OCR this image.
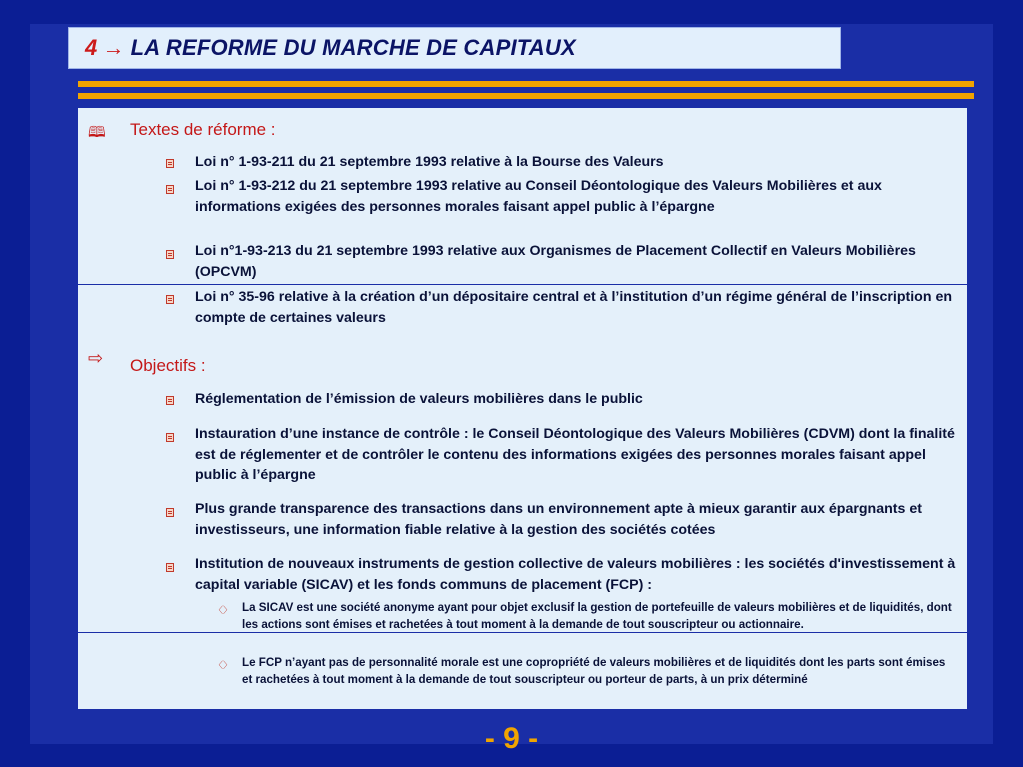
4 → LA REFORME DU MARCHE DE CAPITAUX
🕮 Textes de réforme :
Loi n° 1-93-211 du 21 septembre 1993 relative à la Bourse des Valeurs
Loi n° 1-93-212 du 21 septembre 1993 relative au Conseil Déontologique des Valeurs Mobilières et aux informations exigées des personnes morales faisant appel public à l’épargne
Loi n°1-93-213 du 21 septembre 1993 relative aux Organismes de Placement Collectif en Valeurs Mobilières (OPCVM)
Loi n° 35-96 relative à la création d’un dépositaire central et à l’institution d’un régime général de l’inscription en compte de certaines valeurs
⇨ Objectifs :
Réglementation de l’émission de valeurs mobilières dans le public
Instauration d’une instance de contrôle : le Conseil Déontologique des Valeurs Mobilières (CDVM) dont la finalité est de réglementer et de contrôler le contenu des informations exigées des personnes morales faisant appel public à l’épargne
Plus grande transparence des transactions dans un environnement apte à mieux garantir aux épargnants et investisseurs, une information fiable relative à la gestion des sociétés cotées
Institution de nouveaux instruments de gestion collective de valeurs mobilières : les sociétés d'investissement à capital variable (SICAV) et les fonds communs de placement (FCP) :
〈〉 La SICAV est une société anonyme ayant pour objet exclusif la gestion de portefeuille de valeurs mobilières et de liquidités, dont les actions sont émises et rachetées à tout moment à la demande de tout souscripteur ou actionnaire.
〈〉 Le FCP n’ayant pas de personnalité morale est une copropriété de valeurs mobilières et de liquidités dont les parts sont émises et rachetées à tout moment à la demande de tout souscripteur ou porteur de parts, à un prix déterminé
- 9 -
